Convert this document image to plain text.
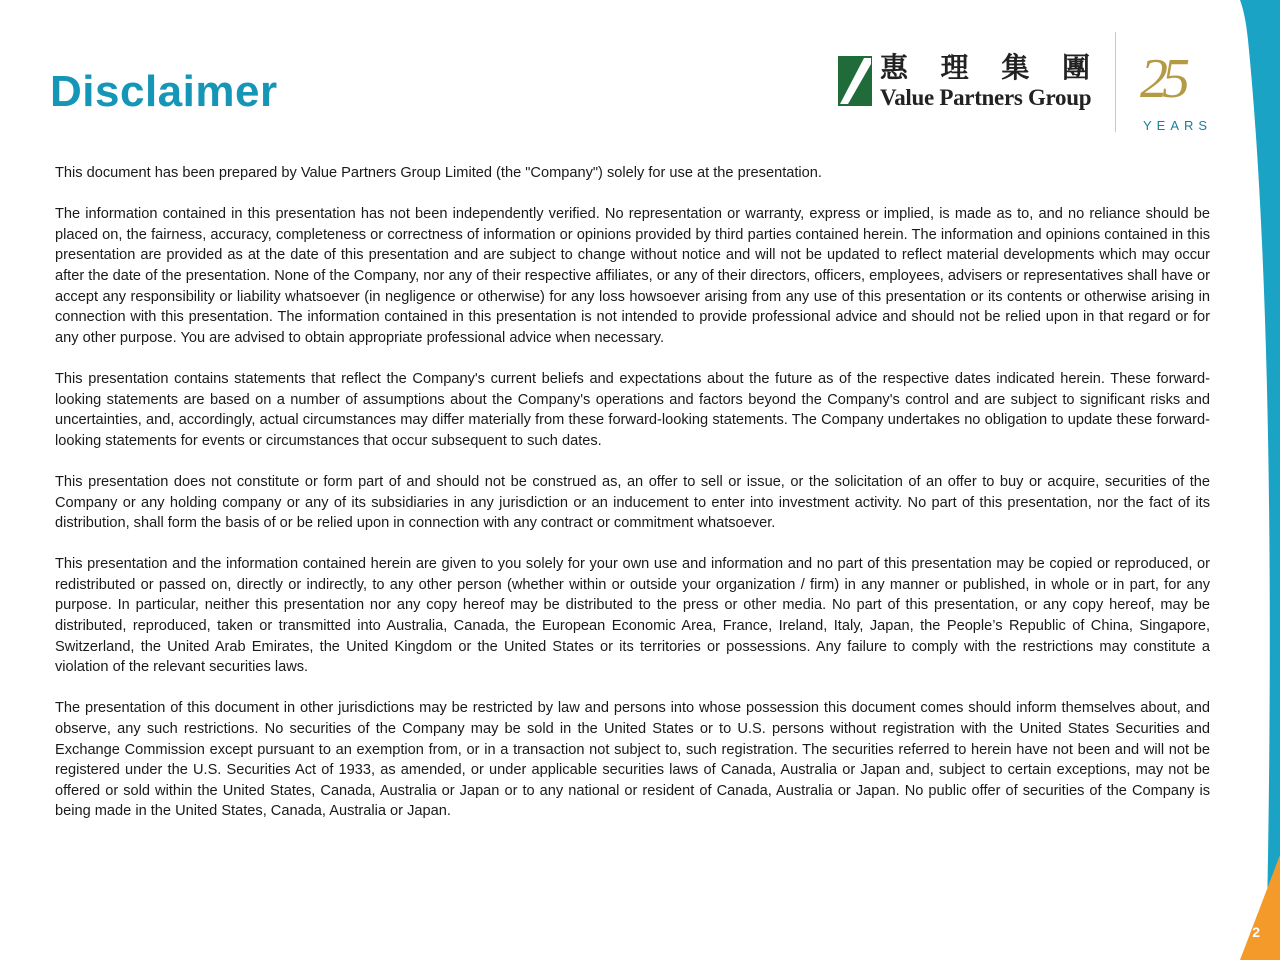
Disclaimer	惠 理 集 團
Value Partners Group 25
YEARS

This document has been prepared by Value Partners Group Limited (the "Company") solely for use at the presentation.

The information contained in this presentation has not been independently verified. No representation or warranty, express or implied, is made as to, and no reliance should be placed on, the fairness, accuracy, completeness or correctness of information or opinions provided by third parties contained herein. The information and opinions contained in this presentation are provided as at the date of this presentation and are subject to change without notice and will not be updated to reflect material developments which may occur after the date of the presentation. None of the Company, nor any of their respective affiliates, or any of their directors, officers, employees, advisers or representatives shall have or accept any responsibility or liability whatsoever (in negligence or otherwise) for any loss howsoever arising from any use of this presentation or its contents or otherwise arising in connection with this presentation. The information contained in this presentation is not intended to provide professional advice and should not be relied upon in that regard or for any other purpose. You are advised to obtain appropriate professional advice when necessary.

This presentation contains statements that reflect the Company's current beliefs and expectations about the future as of the respective dates indicated herein. These forward-looking statements are based on a number of assumptions about the Company's operations and factors beyond the Company's control and are subject to significant risks and uncertainties, and, accordingly, actual circumstances may differ materially from these forward-looking statements. The Company undertakes no obligation to update these forward-looking statements for events or circumstances that occur subsequent to such dates.

This presentation does not constitute or form part of and should not be construed as, an offer to sell or issue, or the solicitation of an offer to buy or acquire, securities of the Company or any holding company or any of its subsidiaries in any jurisdiction or an inducement to enter into investment activity. No part of this presentation, nor the fact of its distribution, shall form the basis of or be relied upon in connection with any contract or commitment whatsoever.

This presentation and the information contained herein are given to you solely for your own use and information and no part of this presentation may be copied or reproduced, or redistributed or passed on, directly or indirectly, to any other person (whether within or outside your organization / firm) in any manner or published, in whole or in part, for any purpose. In particular, neither this presentation nor any copy hereof may be distributed to the press or other media. No part of this presentation, or any copy hereof, may be distributed, reproduced, taken or transmitted into Australia, Canada, the European Economic Area, France, Ireland, Italy, Japan, the People’s Republic of China, Singapore, Switzerland, the United Arab Emirates, the United Kingdom or the United States or its territories or possessions. Any failure to comply with the restrictions may constitute a violation of the relevant securities laws.

The presentation of this document in other jurisdictions may be restricted by law and persons into whose possession this document comes should inform themselves about, and observe, any such restrictions. No securities of the Company may be sold in the United States or to U.S. persons without registration with the United States Securities and Exchange Commission except pursuant to an exemption from, or in a transaction not subject to, such registration. The securities referred to herein have not been and will not be registered under the U.S. Securities Act of 1933, as amended, or under applicable securities laws of Canada, Australia or Japan and, subject to certain exceptions, may not be offered or sold within the United States, Canada, Australia or Japan or to any national or resident of Canada, Australia or Japan. No public offer of securities of the Company is being made in the United States, Canada, Australia or Japan.

2
